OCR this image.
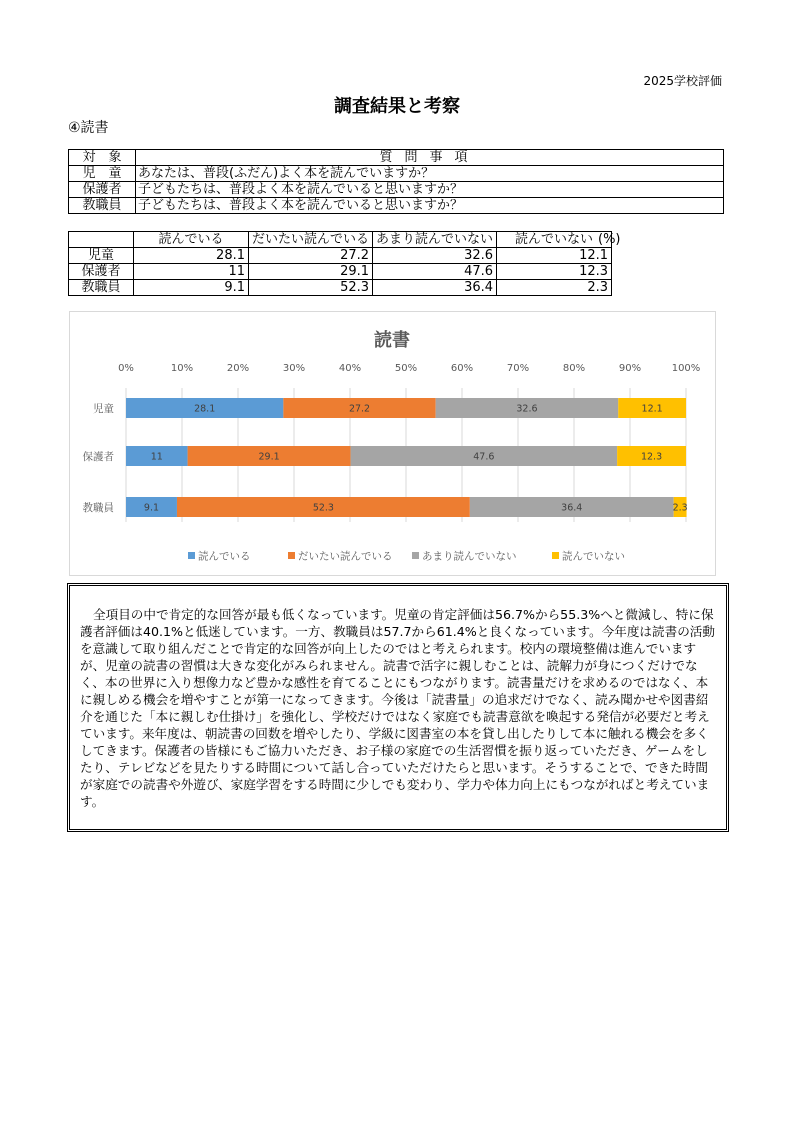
2025学校評価
調査結果と考察
④読書
対　象	質問事項
児　童	あなたは、普段(ふだん)よく本を読んでいますか？
保護者	子どもたちは、普段よく本を読んでいると思いますか？
教職員	子どもたちは、普段よく本を読んでいると思いますか？
	読んでいる	だいたい読んでいる	あまり読んでいない	読んでいない
児童	28.1	27.2	32.6	12.1
保護者	11	29.1	47.6	12.3
教職員	9.1	52.3	36.4	2.3
(%)
読書
0%	10%	20%	30%	40%	50%	60%	70%	80%	90%	100%
児童	28.1	27.2	32.6	12.1
保護者	11	29.1	47.6	12.3
教職員	9.1	52.3	36.4	2.3
読んでいる	だいたい読んでいる	あまり読んでいない	読んでいない
全項目の中で肯定的な回答が最も低くなっています。児童の肯定評価は56.7%から55.3%へと微減し、特に保護者評価は40.1%と低迷しています。一方、教職員は57.7から61.4%と良くなっています。今年度は読書の活動を意識して取り組んだことで肯定的な回答が向上したのではと考えられます。校内の環境整備は進んでいますが、児童の読書の習慣は大きな変化がみられません。読書で活字に親しむことは、読解力が身につくだけでなく、本の世界に入り想像力など豊かな感性を育てることにもつながります。読書量だけを求めるのではなく、本に親しめる機会を増やすことが第一になってきます。今後は「読書量」の追求だけでなく、読み聞かせや図書紹介を通じた「本に親しむ仕掛け」を強化し、学校だけではなく家庭でも読書意欲を喚起する発信が必要だと考えています。来年度は、朝読書の回数を増やしたり、学級に図書室の本を貸し出したりして本に触れる機会を多くしてきます。保護者の皆様にもご協力いただき、お子様の家庭での生活習慣を振り返っていただき、ゲームをしたり、テレビなどを見たりする時間について話し合っていただけたらと思います。そうすることで、できた時間が家庭での読書や外遊び、家庭学習をする時間に少しでも変わり、学力や体力向上にもつながればと考えています。
